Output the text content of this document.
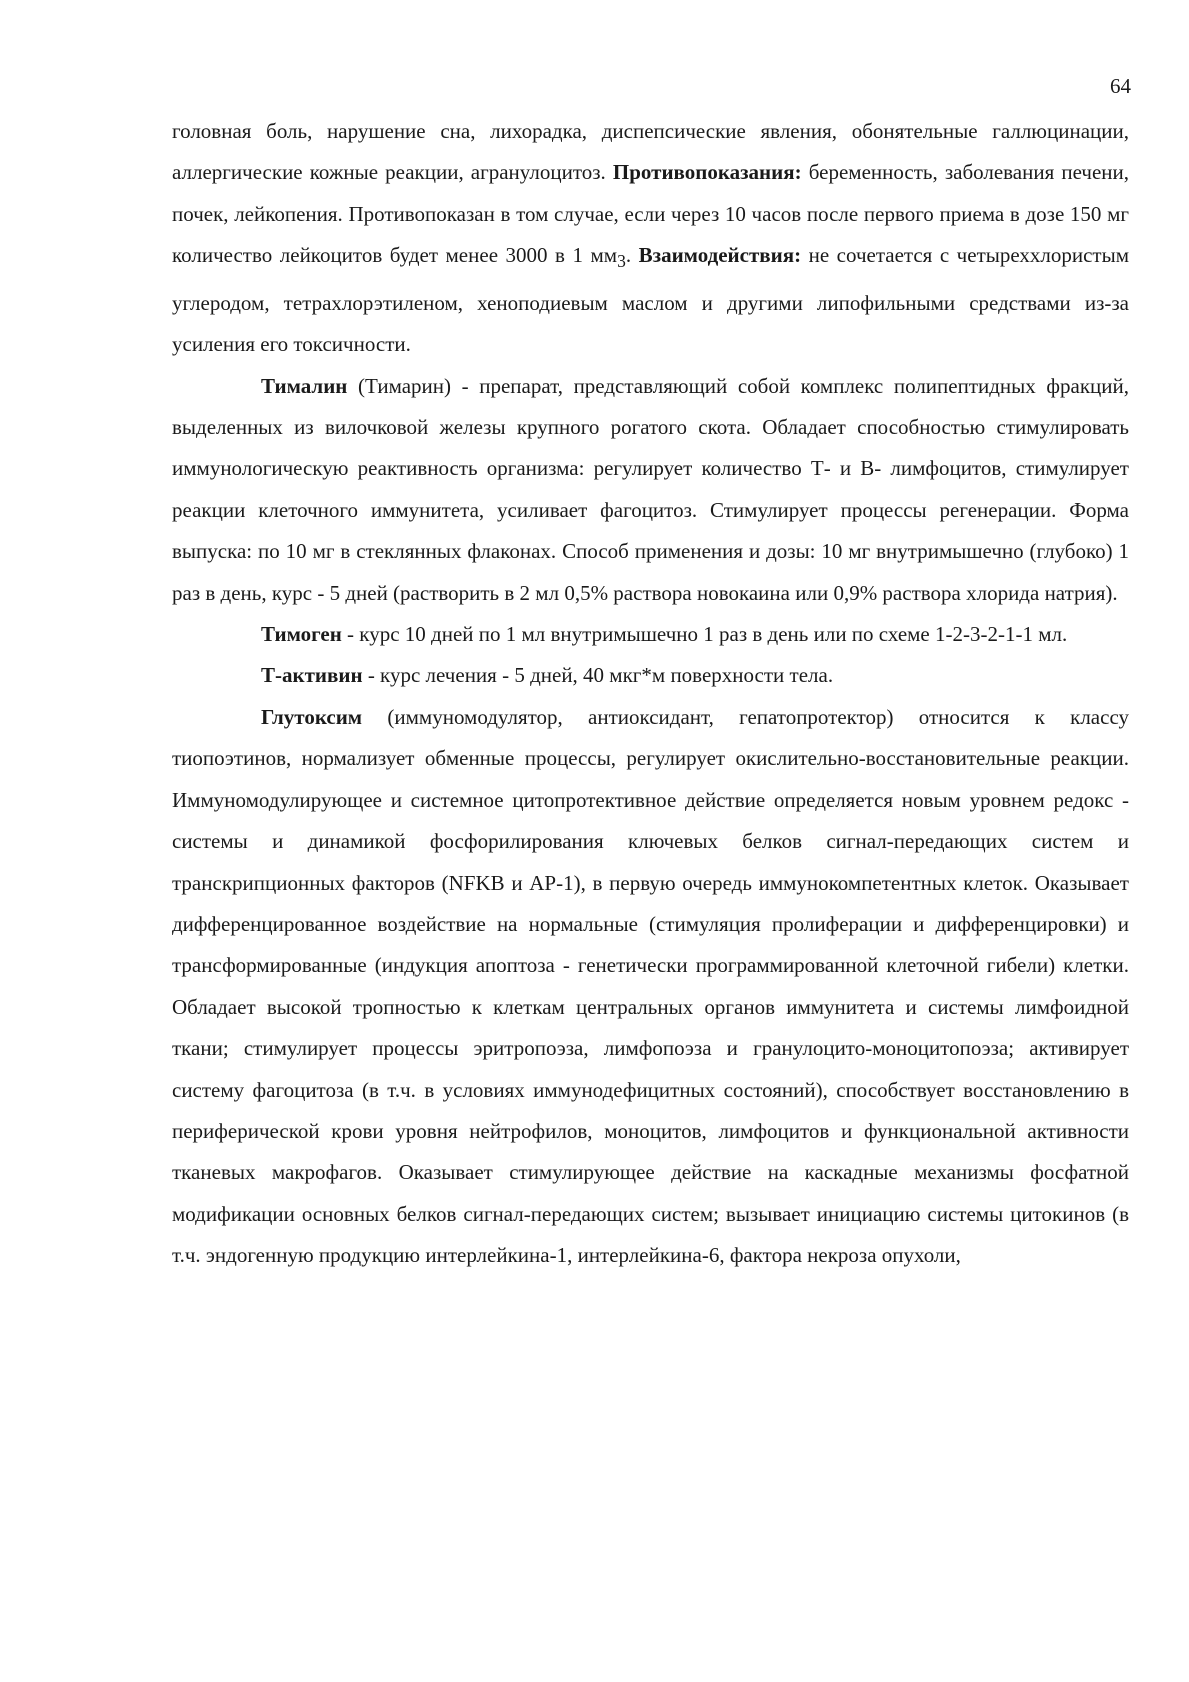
64

головная боль, нарушение сна, лихорадка, диспепсические явления, обонятельные галлюцинации, аллергические кожные реакции, агранулоцитоз. Противопоказания: беременность, заболевания печени, почек, лейкопения. Противопоказан в том случае, если через 10 часов после первого приема в дозе 150 мг количество лейкоцитов будет менее 3000 в 1 $мм_3$. Взаимодействия: не сочетается с четыреххлористым углеродом, тетрахлорэтиленом, хеноподиевым маслом и другими липофильными средствами из-за усиления его токсичности.

Тималин (Тимарин) - препарат, представляющий собой комплекс полипептидных фракций, выделенных из вилочковой железы крупного рогатого скота. Обладает способностью стимулировать иммунологическую реактивность организма: регулирует количество Т- и В- лимфоцитов, стимулирует реакции клеточного иммунитета, усиливает фагоцитоз. Стимулирует процессы регенерации. Форма выпуска: по 10 мг в стеклянных флаконах. Способ применения и дозы: 10 мг внутримышечно (глубоко) 1 раз в день, курс - 5 дней (растворить в 2 мл 0,5% раствора новокаина или 0,9% раствора хлорида натрия).

Тимоген - курс 10 дней по 1 мл внутримышечно 1 раз в день или по схеме 1-2-3-2-1-1 мл.

Т-активин - курс лечения - 5 дней, 40 мкг*м поверхности тела.

Глутоксим (иммуномодулятор, антиоксидант, гепатопротектор) относится к классу тиопоэтинов, нормализует обменные процессы, регулирует окислительно-восстановительные реакции. Иммуномодулирующее и системное цитопротективное действие определяется новым уровнем редокс - системы и динамикой фосфорилирования ключевых белков сигнал-передающих систем и транскрипционных факторов (NFKB и AP-1), в первую очередь иммунокомпетентных клеток. Оказывает дифференцированное воздействие на нормальные (стимуляция пролиферации и дифференцировки) и трансформированные (индукция апоптоза - генетически программированной клеточной гибели) клетки. Обладает высокой тропностью к клеткам центральных органов иммунитета и системы лимфоидной ткани; стимулирует процессы эритропоэза, лимфопоэза и гранулоцито-моноцитопоэза; активирует систему фагоцитоза (в т.ч. в условиях иммунодефицитных состояний), способствует восстановлению в периферической крови уровня нейтрофилов, моноцитов, лимфоцитов и функциональной активности тканевых макрофагов. Оказывает стимулирующее действие на каскадные механизмы фосфатной модификации основных белков сигнал-передающих систем; вызывает инициацию системы цитокинов (в т.ч. эндогенную продукцию интерлейкина-1, интерлейкина-6, фактора некроза опухоли,
